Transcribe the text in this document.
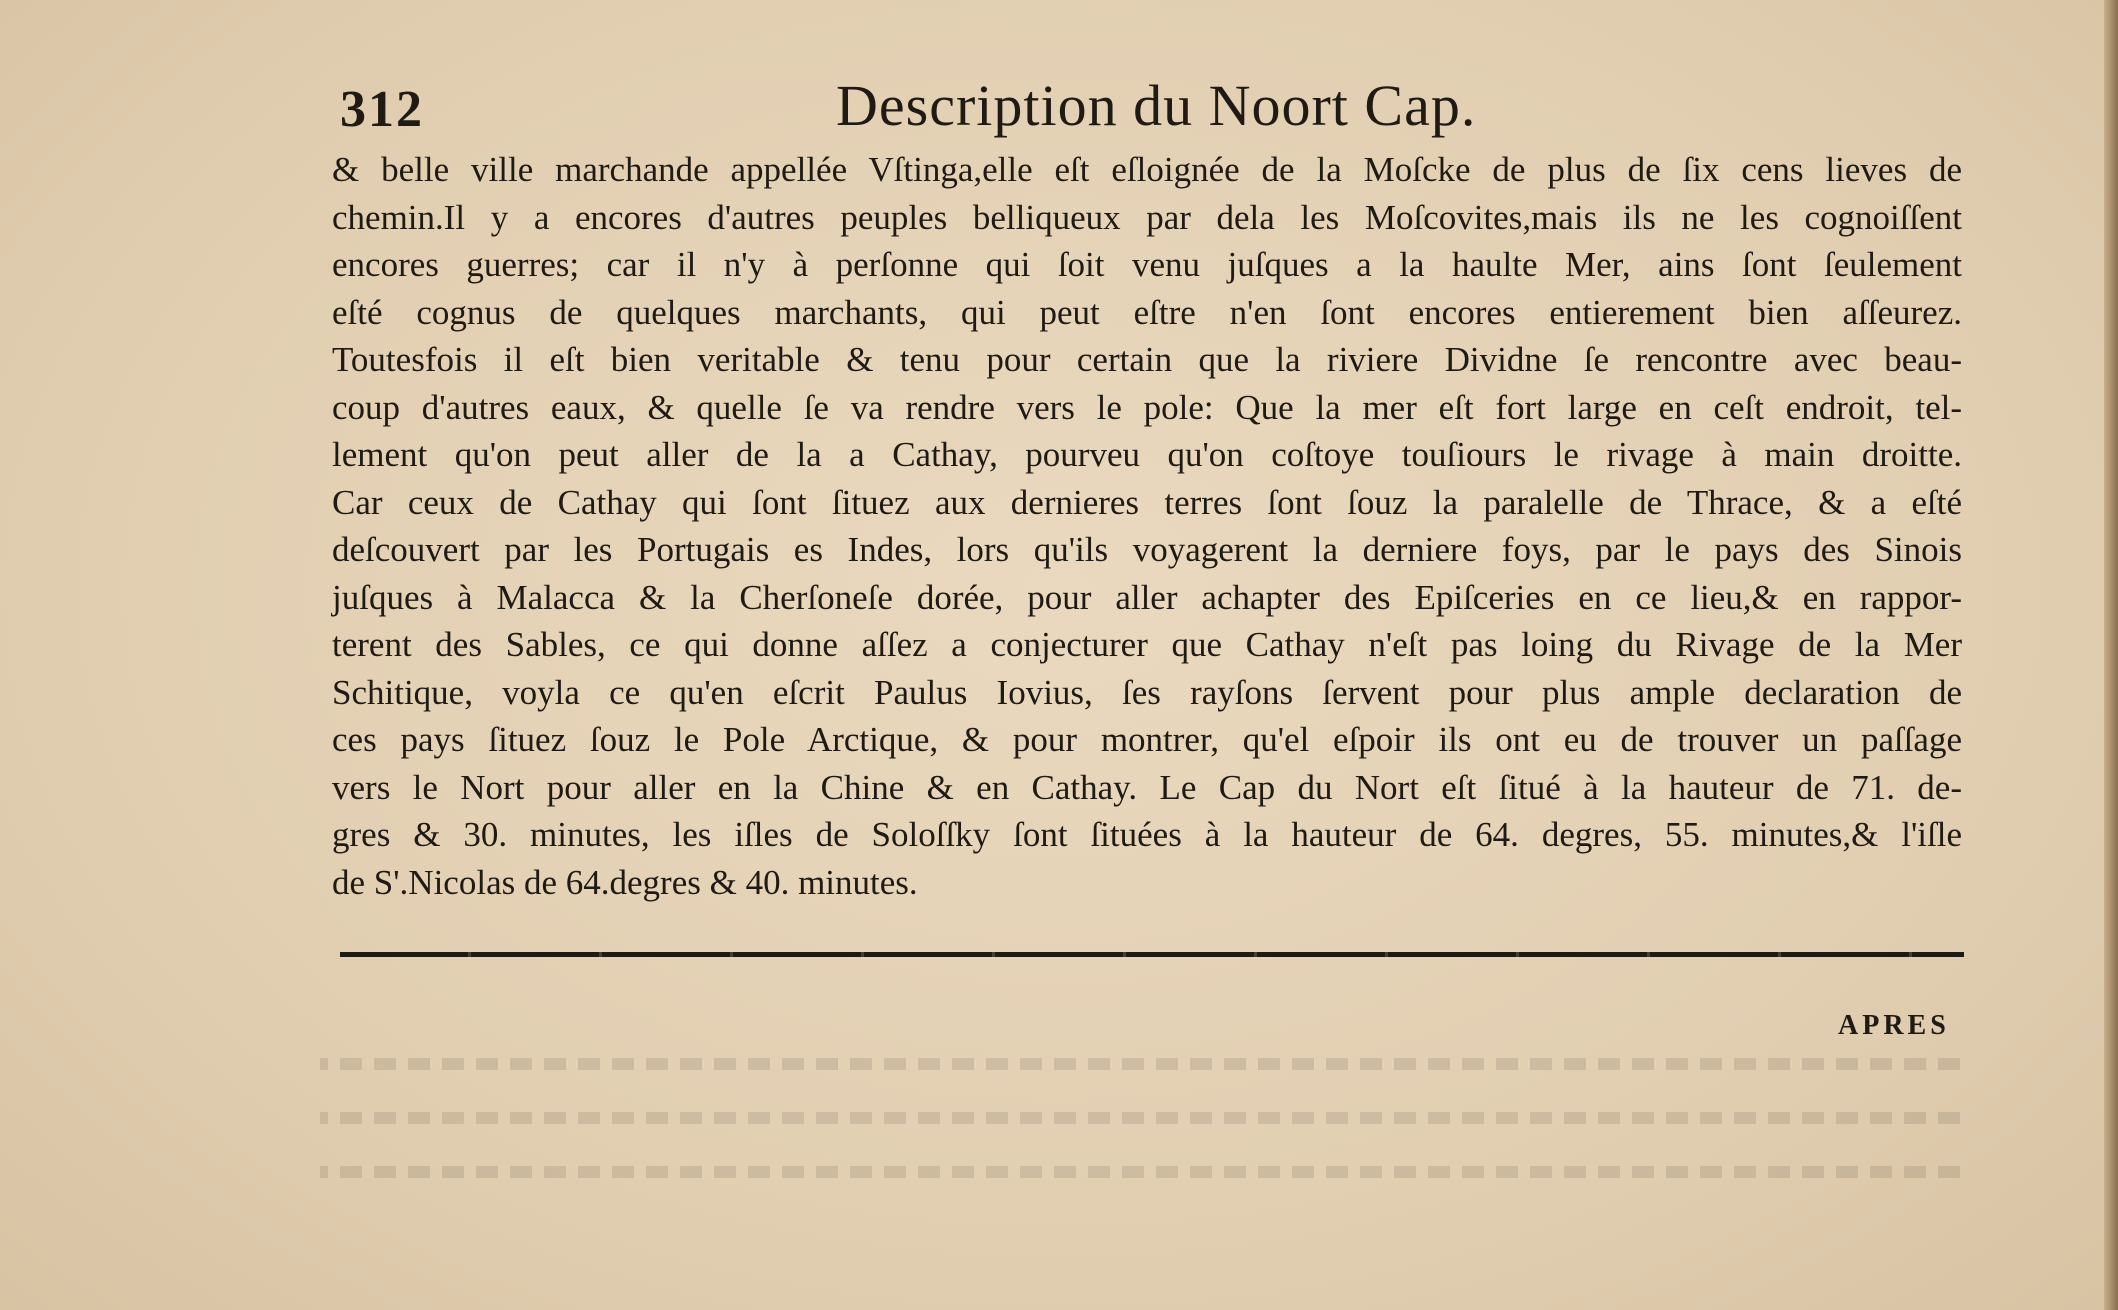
312	Description du Noort Cap.
& belle ville marchande appellée Vſtinga,elle eſt eſloignée de la Moſcke de plus de ſix cens lieves de
chemin.Il y a encores d'autres peuples belliqueux par dela les Moſcovites,mais ils ne les cognoiſſent
encores guerres; car il n'y à perſonne qui ſoit venu juſques a la haulte Mer, ains ſont ſeulement
eſté cognus de quelques marchants, qui peut eſtre n'en ſont encores entierement bien aſſeurez.
Toutesfois il eſt bien veritable & tenu pour certain que la riviere Dividne ſe rencontre avec beau-
coup d'autres eaux, & quelle ſe va rendre vers le pole: Que la mer eſt fort large en ceſt endroit, tel-
lement qu'on peut aller de la a Cathay, pourveu qu'on coſtoye touſiours le rivage à main droitte.
Car ceux de Cathay qui ſont ſituez aux dernieres terres ſont ſouz la paralelle de Thrace, & a eſté
deſcouvert par les Portugais es Indes, lors qu'ils voyagerent la derniere foys, par le pays des Sinois
juſques à Malacca & la Cherſoneſe dorée, pour aller achapter des Epiſceries en ce lieu,& en rappor-
terent des Sables, ce qui donne aſſez a conjecturer que Cathay n'eſt pas loing du Rivage de la Mer
Schitique, voyla ce qu'en eſcrit Paulus Iovius, ſes rayſons ſervent pour plus ample declaration de
ces pays ſituez ſouz le Pole Arctique, & pour montrer, qu'el eſpoir ils ont eu de trouver un paſſage
vers le Nort pour aller en la Chine & en Cathay. Le Cap du Nort eſt ſitué à la hauteur de 71. de-
gres & 30. minutes, les iſles de Soloſſky ſont ſituées à la hauteur de 64. degres, 55. minutes,& l'iſle
de S'.Nicolas de 64.degres & 40. minutes.
APRES
